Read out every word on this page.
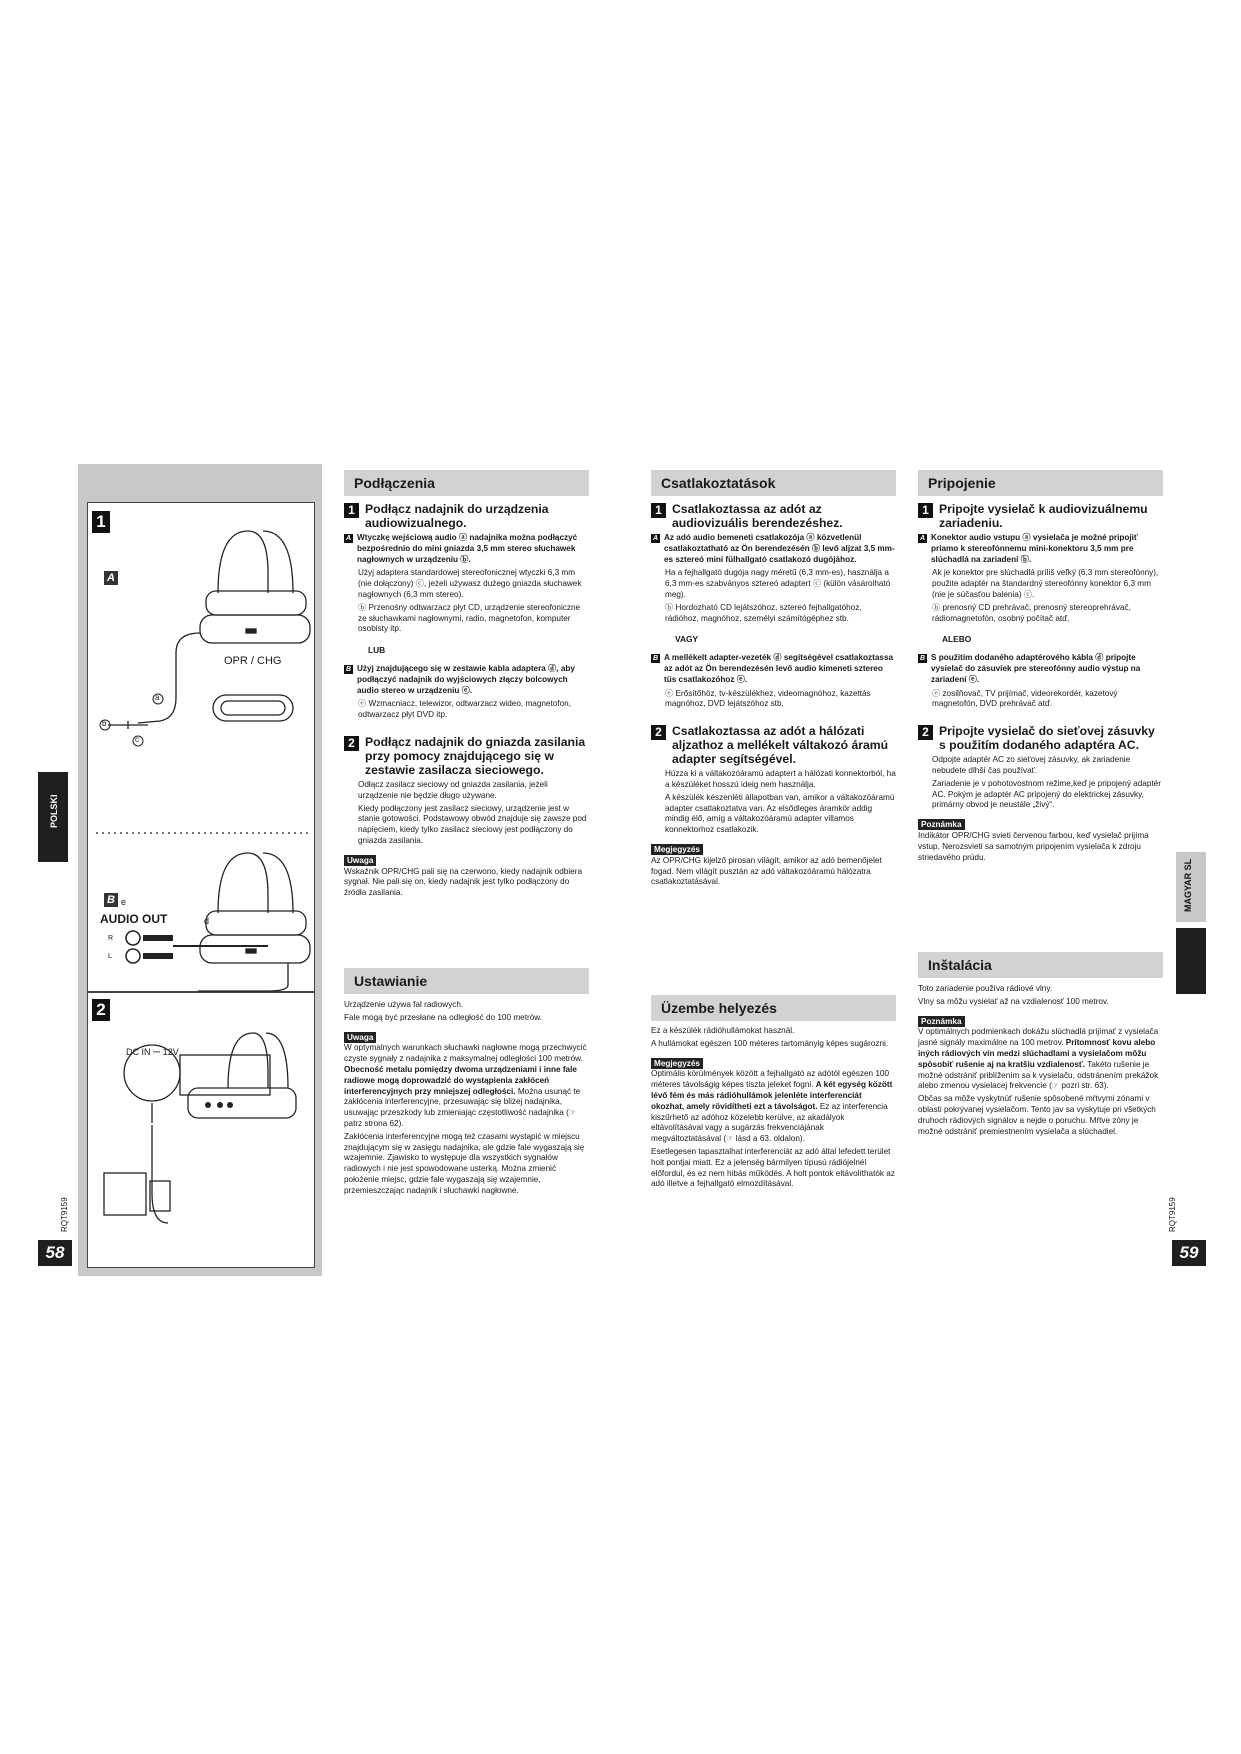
1
A
B
OPR / CHG
a
b
c
e
AUDIO OUT
R
L
d
2
DC IN ⎓ 12V
POLSKI
RQT9159
58
Podłączenia
1 Podłącz nadajnik do urządzenia audiowizualnego.
A Wtyczkę wejściową audio ⓐ nadajnika można podłączyć bezpośrednio do mini gniazda 3,5 mm stereo słuchawek nagłownych w urządzeniu ⓑ.

Użyj adaptera standardowej stereofonicznej wtyczki 6,3 mm (nie dołączony) ⓒ, jeżeli używasz dużego gniazda słuchawek nagłownych (6,3 mm stereo).

ⓑ Przenośny odtwarzacz płyt CD, urządzenie stereofoniczne ze słuchawkami nagłownymi, radio, magnetofon, komputer osobisty itp.

LUB
B Użyj znajdującego się w zestawie kabla adaptera ⓓ, aby podłączyć nadajnik do wyjściowych złączy bolcowych audio stereo w urządzeniu ⓔ.

ⓔ Wzmacniacz, telewizor, odtwarzacz wideo, magnetofon, odtwarzacz płyt DVD itp.

2 Podłącz nadajnik do gniazda zasilania przy pomocy znajdującego się w zestawie zasilacza sieciowego.

Odłącz zasilacz sieciowy od gniazda zasilania, jeżeli urządzenie nie będzie długo używane.

Kiedy podłączony jest zasilacz sieciowy, urządzenie jest w stanie gotowości. Podstawowy obwód znajduje się zawsze pod napięciem, kiedy tylko zasilacz sieciowy jest podłączony do gniazda zasilania.

Uwaga

Wskaźnik OPR/CHG pali się na czerwono, kiedy nadajnik odbiera sygnał. Nie pali się on, kiedy nadajnik jest tylko podłączony do źródła zasilania.

Ustawianie

Urządzenie używa fal radiowych.

Fale mogą być przesłane na odległość do 100 metrów.

Uwaga

W optymalnych warunkach słuchawki nagłowne mogą przechwycić czyste sygnały z nadajnika z maksymalnej odległości 100 metrów. Obecność metalu pomiędzy dwoma urządzeniami i inne fale radiowe mogą doprowadzić do wystąpienia zakłóceń interferencyjnych przy mniejszej odległości. Można usunąć te zakłócenia interferencyjne, przesuwając się bliżej nadajnika, usuwając przeszkody lub zmieniając częstotliwość nadajnika (☞ patrz strona 62).

Zakłócenia interferencyjne mogą też czasami wystąpić w miejscu znajdującym się w zasięgu nadajnika, ale gdzie fale wygaszają się wzajemnie. Zjawisko to występuje dla wszystkich sygnałów radiowych i nie jest spowodowane usterką. Można zmienić położenie miejsc, gdzie fale wygaszają się wzajemnie, przemieszczając nadajnik i słuchawki nagłowne.

Csatlakoztatások
1 Csatlakoztassa az adót az audiovizuális berendezéshez.
A Az adó audio bemeneti csatlakozója ⓐ közvetlenül csatlakoztatható az Ön berendezésén ⓑ levő aljzat 3,5 mm-es sztereó mini fülhallgató csatlakozó dugójához.

Ha a fejhallgató dugója nagy méretű (6,3 mm-es), használja a 6,3 mm-es szabványos sztereó adaptert ⓒ (külön vásárolható meg).

ⓑ Hordozható CD lejátszóhoz, sztereó fejhallgatóhoz, rádióhoz, magnóhoz, személyi számítógéphez stb.

VAGY
B A mellékelt adapter-vezeték ⓓ segítségével csatlakoztassa az adót az Ön berendezésén levő audio kimeneti sztereo tüs csatlakozóhoz ⓔ.

ⓔ Erősítőhöz, tv-készülékhez, videomagnóhoz, kazettás magnóhoz, DVD lejátszóhoz stb.

2 Csatlakoztassa az adót a hálózati aljzathoz a mellékelt váltakozó áramú adapter segítségével.

Húzza ki a váltakozóáramú adaptert a hálózati konnektorból, ha a készüléket hosszú ideig nem használja.

A készülék készenléti állapotban van, amikor a váltakozóáramú adapter csatlakoztatva van. Az elsődleges áramkör addig mindig élő, amíg a váltakozóáramú adapter villamos konnektorhoz csatlakozik.

Megjegyzés

Az OPR/CHG kijelző pirosan világít, amikor az adó bemenőjelet fogad. Nem világít pusztán az adó váltakozóáramú hálózatra csatlakoztatásával.

Üzembe helyezés

Ez a készülék rádióhullámokat használ.

A hullámokat egészen 100 méteres tartományig képes sugározni.

Megjegyzés

Optimális körülmények között a fejhallgató az adótól egészen 100 méteres távolságig képes tiszta jeleket fogni. A két egység között lévő fém és más rádióhullámok jelenléte interferenciát okozhat, amely rövidítheti ezt a távolságot. Ez az interferencia kiszűrhető az adóhoz közelebb kerülve, az akadályok eltávolításával vagy a sugárzás frekvenciájának megváltoztatásával (☞ lásd a 63. oldalon).

Esetlegesen tapasztalhat interferenciát az adó által lefedett terület holt pontjai miatt. Ez a jelenség bármilyen típusú rádiójelnél előfordul, és ez nem hibás működés. A holt pontok eltávolíthatók az adó illetve a fejhallgató elmozdításával.

Pripojenie
1 Pripojte vysielač k audiovizuálnemu zariadeniu.
A Konektor audio vstupu ⓐ vysielača je možné pripojiť priamo k stereofónnemu mini-konektoru 3,5 mm pre slúchadlá na zariadení ⓑ.

Ak je konektor pre slúchadlá príliš veľký (6,3 mm stereofónny), použite adaptér na štandardný stereofónny konektor 6,3 mm (nie je súčasťou balenia) ⓒ.

ⓑ prenosný CD prehrávač, prenosný stereoprehrávač, rádiomagnetofón, osobný počítač atď.

ALEBO
B S použitím dodaného adaptérového kábla ⓓ pripojte vysielač do zásuviek pre stereofónny audio výstup na zariadení ⓔ.

ⓔ zosilňovač, TV prijímač, videorekordér, kazetový magnetofón, DVD prehrávač atď.

2 Pripojte vysielač do sieťovej zásuvky s použitím dodaného adaptéra AC.

Odpojte adaptér AC zo sieťovej zásuvky, ak zariadenie nebudete dlhší čas používať.

Zariadenie je v pohotovostnom režime,keď je pripojený adaptér AC. Pokým je adaptér AC pripojený do elektrickej zásuvky, primárny obvod je neustále „živý“.

Poznámka

Indikátor OPR/CHG svieti červenou farbou, keď vysielač prijíma vstup. Nerozsvieti sa samotným pripojením vysielača k zdroju striedavého prúdu.

Inštalácia

Toto zariadenie používa rádiové vlny.

Vlny sa môžu vysielať až na vzdialenosť 100 metrov.

Poznámka

V optimálnych podmienkach dokážu slúchadlá prijímať z vysielača jasné signály maximálne na 100 metrov. Prítomnosť kovu alebo iných rádiových vín medzi slúchadlami a vysielačom môžu spôsobiť rušenie aj na kratšiu vzdialenosť. Takéto rušenie je možné odstrániť priblížením sa k vysielaču, odstránením prekážok alebo zmenou vysielacej frekvencie (☞ pozri str. 63).

Občas sa môže vyskytnúť rušenie spôsobené mŕtvymi zónami v oblasti pokrývanej vysielačom. Tento jav sa vyskytuje pri všetkých druhoch rádiových signálov a nejde o poruchu. Mŕtve zóny je možné odstrániť premiestnením vysielača a slúchadiel.

MAGYAR SL
RQT9159
59
